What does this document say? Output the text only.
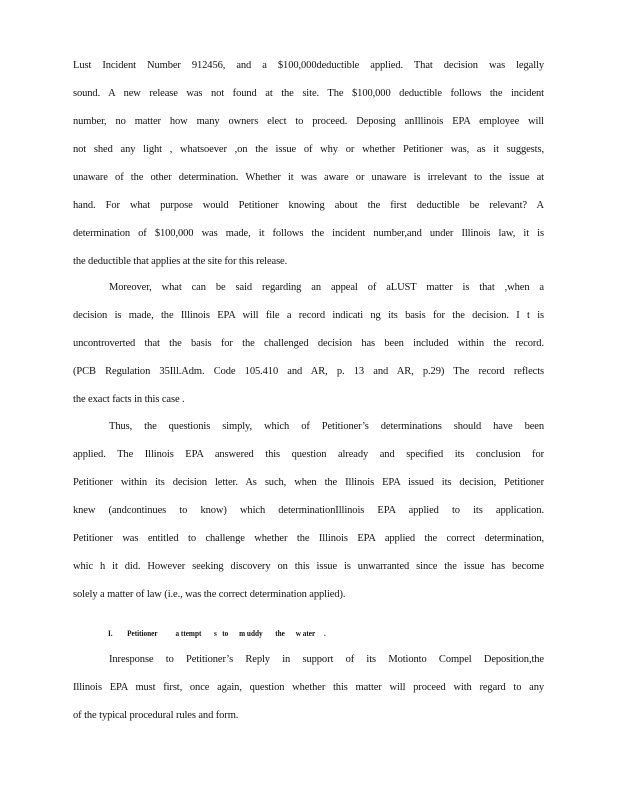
Lust Incident Number 912456, and a $100,000deductible applied. That decision was legally
sound. A new release was not found at the site. The $100,000 deductible follows the incident
number, no matter how many owners elect to proceed. Deposing anIllinois EPA employee will
not shed any light , whatsoever ,on the issue of why or whether Petitioner was, as it suggests,
unaware of the other determination. Whether it was aware or unaware is irrelevant to the issue at
hand. For what purpose would Petitioner knowing about the first deductible be relevant? A
determination of $100,000 was made, it follows the incident number,and under Illinois law, it is
the deductible that applies at the site for this release.
Moreover, what can be said regarding an appeal of aLUST matter is that ,when a
decision is made, the Illinois EPA will file a record indicati ng its basis for the decision. I t is
uncontroverted that the basis for the challenged decision has been included within the record.
(PCB Regulation 35Ill.Adm. Code 105.410 and AR, p. 13 and AR, p.29) The record reflects
the exact facts in this case .
Thus, the questionis simply, which of Petitioner’s determinations should have been
applied. The Illinois EPA answered this question already and specified its conclusion for
Petitioner within its decision letter. As such, when the Illinois EPA issued its decision, Petitioner
knew (andcontinues to know) which determinationIllinois EPA applied to its application.
Petitioner was entitled to challenge whether the Illinois EPA applied the correct determination,
whic h it did. However seeking discovery on this issue is unwarranted since the issue has become
solely a matter of law (i.e., was the correct determination applied).
I.        Petitioner          a ttempt       s   to      m uddy       the      w ater     .
Inresponse to Petitioner’s Reply in support of its Motionto Compel Deposition,the
Illinois EPA must first, once again, question whether this matter will proceed with regard to any
of the typical procedural rules and form.
